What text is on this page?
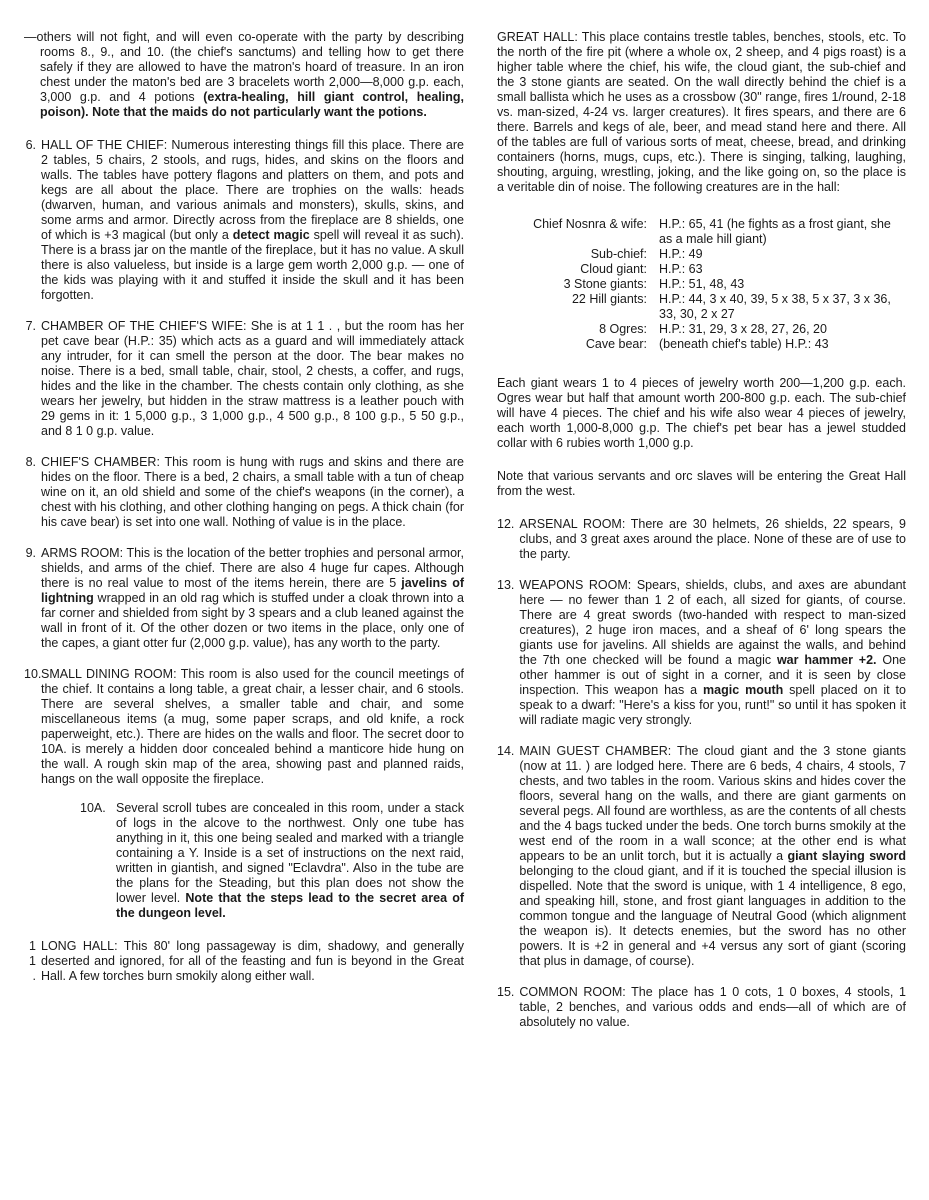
—others will not fight, and will even co-operate with the party by describing rooms 8., 9., and 10. (the chief's sanctums) and telling how to get there safely if they are allowed to have the matron's hoard of treasure. In an iron chest under the maton's bed are 3 bracelets worth 2,000—8,000 g.p. each, 3,000 g.p. and 4 potions (extra-healing, hill giant control, healing, poison). Note that the maids do not particularly want the potions.

6. HALL OF THE CHIEF: Numerous interesting things fill this place. There are 2 tables, 5 chairs, 2 stools, and rugs, hides, and skins on the floors and walls. The tables have pottery flagons and platters on them, and pots and kegs are all about the place. There are trophies on the walls: heads (dwarven, human, and various animals and monsters), skulls, skins, and some arms and armor. Directly across from the fireplace are 8 shields, one of which is +3 magical (but only a detect magic spell will reveal it as such). There is a brass jar on the mantle of the fireplace, but it has no value. A skull there is also valueless, but inside is a large gem worth 2,000 g.p. — one of the kids was playing with it and stuffed it inside the skull and it has been forgotten.

7. CHAMBER OF THE CHIEF'S WIFE: She is at 1 1 . , but the room has her pet cave bear (H.P.: 35) which acts as a guard and will immediately attack any intruder, for it can smell the person at the door. The bear makes no noise. There is a bed, small table, chair, stool, 2 chests, a coffer, and rugs, hides and the like in the chamber. The chests contain only clothing, as she wears her jewelry, but hidden in the straw mattress is a leather pouch with 29 gems in it: 1 5,000 g.p., 3 1,000 g.p., 4 500 g.p., 8 100 g.p., 5 50 g.p., and 8 1 0 g.p. value.

8. CHIEF'S CHAMBER: This room is hung with rugs and skins and there are hides on the floor. There is a bed, 2 chairs, a small table with a tun of cheap wine on it, an old shield and some of the chief's weapons (in the corner), a chest with his clothing, and other clothing hanging on pegs. A thick chain (for his cave bear) is set into one wall. Nothing of value is in the place.

9. ARMS ROOM: This is the location of the better trophies and personal armor, shields, and arms of the chief. There are also 4 huge fur capes. Although there is no real value to most of the items herein, there are 5 javelins of lightning wrapped in an old rag which is stuffed under a cloak thrown into a far corner and shielded from sight by 3 spears and a club leaned against the wall in front of it. Of the other dozen or two items in the place, only one of the capes, a giant otter fur (2,000 g.p. value), has any worth to the party.

10. SMALL DINING ROOM: This room is also used for the council meetings of the chief. It contains a long table, a great chair, a lesser chair, and 6 stools. There are several shelves, a smaller table and chair, and some miscellaneous items (a mug, some paper scraps, and old knife, a rock paperweight, etc.). There are hides on the walls and floor. The secret door to 10A. is merely a hidden door concealed behind a manticore hide hung on the wall. A rough skin map of the area, showing past and planned raids, hangs on the wall opposite the fireplace.

10A. Several scroll tubes are concealed in this room, under a stack of logs in the alcove to the northwest. Only one tube has anything in it, this one being sealed and marked with a triangle containing a Y. Inside is a set of instructions on the next raid, written in giantish, and signed "Eclavdra". Also in the tube are the plans for the Steading, but this plan does not show the lower level. Note that the steps lead to the secret area of the dungeon level.

1 1 .

LONG HALL: This 80' long passageway is dim, shadowy, and generally deserted and ignored, for all of the feasting and fun is beyond in the Great Hall. A few torches burn smokily along either wall.

GREAT HALL: This place contains trestle tables, benches, stools, etc. To the north of the fire pit (where a whole ox, 2 sheep, and 4 pigs roast) is a higher table where the chief, his wife, the cloud giant, the sub-chief and the 3 stone giants are seated. On the wall directly behind the chief is a small ballista which he uses as a crossbow (30" range, fires 1/round, 2-18 vs. man-sized, 4-24 vs. larger creatures). It fires spears, and there are 6 there. Barrels and kegs of ale, beer, and mead stand here and there. All of the tables are full of various sorts of meat, cheese, bread, and drinking containers (horns, mugs, cups, etc.). There is singing, talking, laughing, shouting, arguing, wrestling, joking, and the like going on, so the place is a veritable din of noise. The following creatures are in the hall:

Chief Nosnra & wife: H.P.: 65, 41 (he fights as a frost giant, she as a male hill giant)
Sub-chief: H.P.: 49
Cloud giant: H.P.: 63
3 Stone giants: H.P.: 51, 48, 43
22 Hill giants: H.P.: 44, 3 x 40, 39, 5 x 38, 5 x 37, 3 x 36, 33, 30, 2 x 27
8 Ogres: H.P.: 31, 29, 3 x 28, 27, 26, 20
Cave bear: (beneath chief's table) H.P.: 43

Each giant wears 1 to 4 pieces of jewelry worth 200—1,200 g.p. each. Ogres wear but half that amount worth 200-800 g.p. each. The sub-chief will have 4 pieces. The chief and his wife also wear 4 pieces of jewelry, each worth 1,000-8,000 g.p. The chief's pet bear has a jewel studded collar with 6 rubies worth 1,000 g.p.

Note that various servants and orc slaves will be entering the Great Hall from the west.

12. ARSENAL ROOM: There are 30 helmets, 26 shields, 22 spears, 9 clubs, and 3 great axes around the place. None of these are of use to the party.

13. WEAPONS ROOM: Spears, shields, clubs, and axes are abundant here — no fewer than 1 2 of each, all sized for giants, of course. There are 4 great swords (two-handed with respect to man-sized creatures), 2 huge iron maces, and a sheaf of 6' long spears the giants use for javelins. All shields are against the walls, and behind the 7th one checked will be found a magic war hammer +2. One other hammer is out of sight in a corner, and it is seen by close inspection. This weapon has a magic mouth spell placed on it to speak to a dwarf: "Here's a kiss for you, runt!" so until it has spoken it will radiate magic very strongly.

14. MAIN GUEST CHAMBER: The cloud giant and the 3 stone giants (now at 11. ) are lodged here. There are 6 beds, 4 chairs, 4 stools, 7 chests, and two tables in the room. Various skins and hides cover the floors, several hang on the walls, and there are giant garments on several pegs. All found are worthless, as are the contents of all chests and the 4 bags tucked under the beds. One torch burns smokily at the west end of the room in a wall sconce; at the other end is what appears to be an unlit torch, but it is actually a giant slaying sword belonging to the cloud giant, and if it is touched the special illusion is dispelled. Note that the sword is unique, with 1 4 intelligence, 8 ego, and speaking hill, stone, and frost giant languages in addition to the common tongue and the language of Neutral Good (which alignment the weapon is). It detects enemies, but the sword has no other powers. It is +2 in general and +4 versus any sort of giant (scoring that plus in damage, of course).

15. COMMON ROOM: The place has 1 0 cots, 1 0 boxes, 4 stools, 1 table, 2 benches, and various odds and ends—all of which are of absolutely no value.
